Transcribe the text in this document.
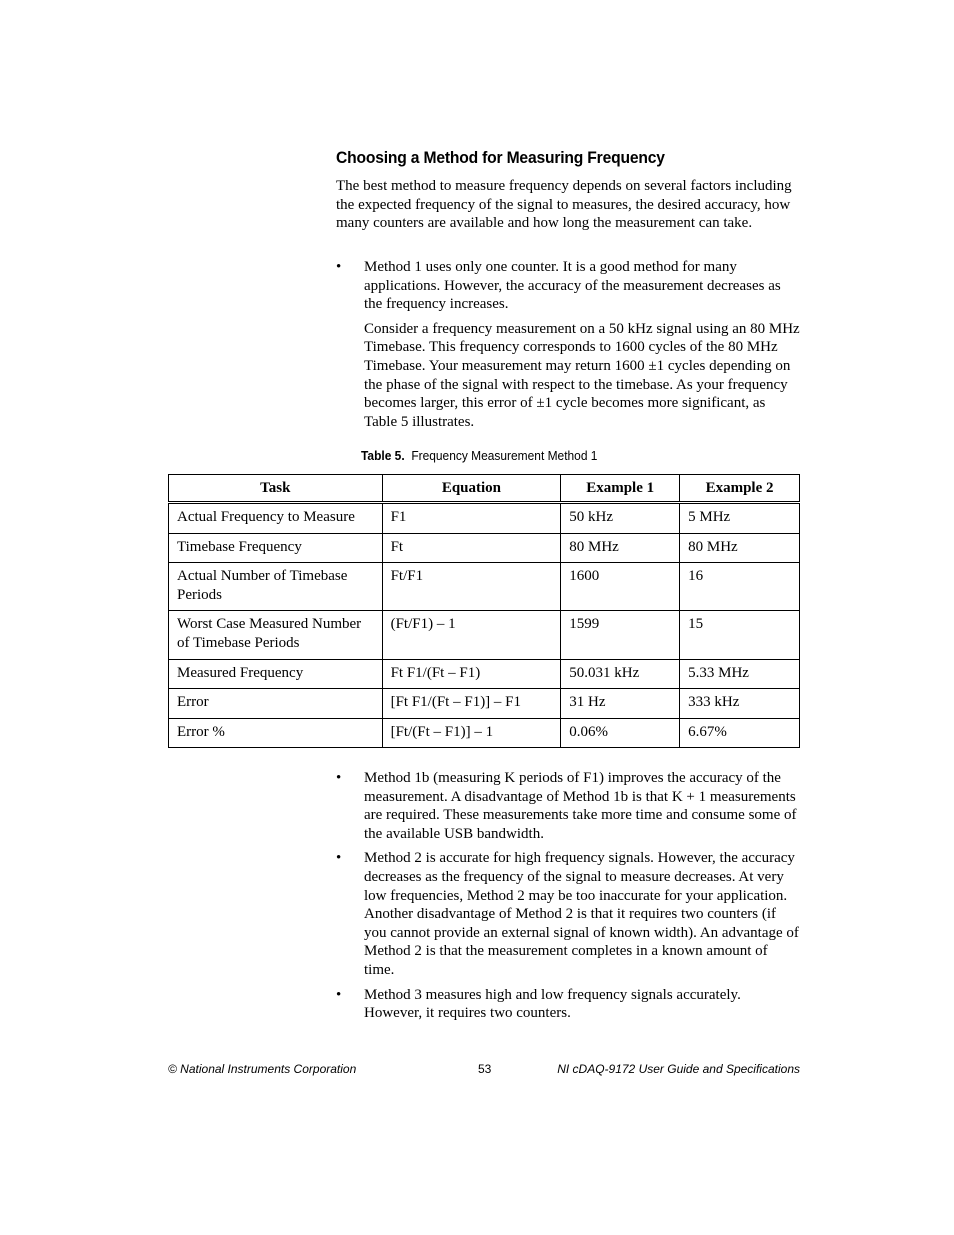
Choosing a Method for Measuring Frequency

The best method to measure frequency depends on several factors including the expected frequency of the signal to measures, the desired accuracy, how many counters are available and how long the measurement can take.

• Method 1 uses only one counter. It is a good method for many applications. However, the accuracy of the measurement decreases as the frequency increases.

Consider a frequency measurement on a 50 kHz signal using an 80 MHz Timebase. This frequency corresponds to 1600 cycles of the 80 MHz Timebase. Your measurement may return 1600 ±1 cycles depending on the phase of the signal with respect to the timebase. As your frequency becomes larger, this error of ±1 cycle becomes more significant, as Table 5 illustrates.

Table 5. Frequency Measurement Method 1

Task	Equation	Example 1	Example 2
Actual Frequency to Measure	F1	50 kHz	5 MHz
Timebase Frequency	Ft	80 MHz	80 MHz
Actual Number of Timebase Periods	Ft/F1	1600	16
Worst Case Measured Number of Timebase Periods	(Ft/F1) – 1	1599	15
Measured Frequency	Ft F1/(Ft – F1)	50.031 kHz	5.33 MHz
Error	[Ft F1/(Ft – F1)] – F1	31 Hz	333 kHz
Error %	[Ft/(Ft – F1)] – 1	0.06%	6.67%
• Method 1b (measuring K periods of F1) improves the accuracy of the measurement. A disadvantage of Method 1b is that K + 1 measurements are required. These measurements take more time and consume some of the available USB bandwidth.

• Method 2 is accurate for high frequency signals. However, the accuracy decreases as the frequency of the signal to measure decreases. At very low frequencies, Method 2 may be too inaccurate for your application. Another disadvantage of Method 2 is that it requires two counters (if you cannot provide an external signal of known width). An advantage of Method 2 is that the measurement completes in a known amount of time.

• Method 3 measures high and low frequency signals accurately. However, it requires two counters.

© National Instruments Corporation	53	NI cDAQ-9172 User Guide and Specifications
